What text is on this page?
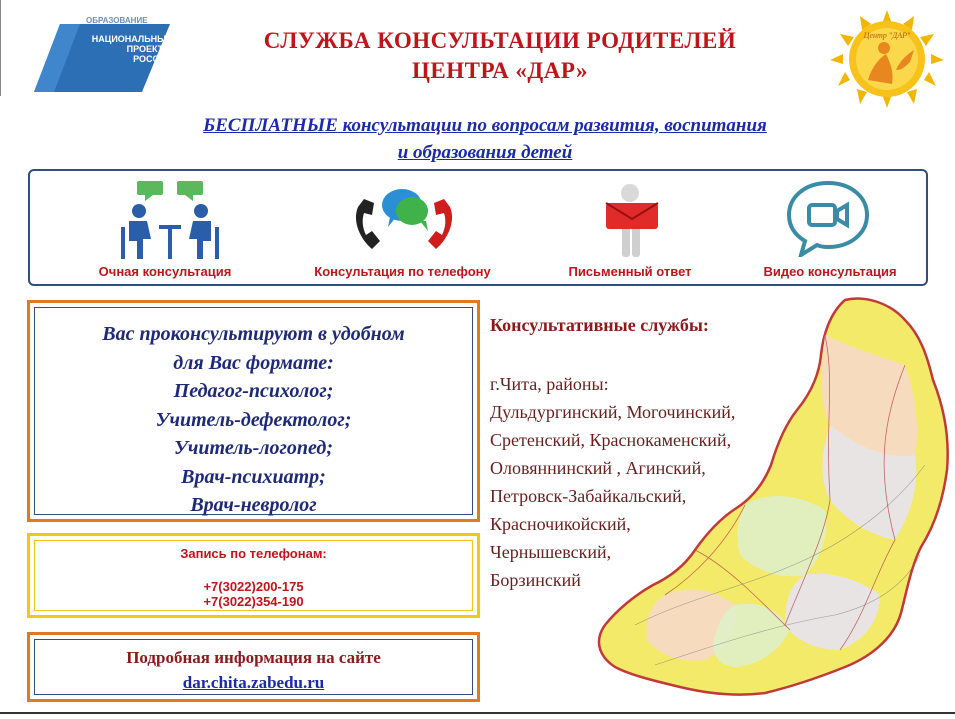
ОБРАЗОВАНИЕ
НАЦИОНАЛЬНЫЕ
ПРОЕКТЫ
РОССИИ
СЛУЖБА КОНСУЛЬТАЦИИ РОДИТЕЛЕЙ
ЦЕНТРА «ДАР»
Центр "ДАР"
БЕСПЛАТНЫЕ консультации по вопросам развития, воспитания
и образования детей
Очная консультация	Консультация по телефону	Письменный ответ	Видео консультация
Вас проконсультируют в удобном
для Вас формате:
Педагог-психолог;
Учитель-дефектолог;
Учитель-логопед;
Врач-психиатр;
Врач-невролог
Запись по телефонам:
+7(3022)200-175
+7(3022)354-190
Подробная информация на сайте
dar.chita.zabedu.ru
Консультативные службы:
г.Чита, районы:
Дульдургинский, Могочинский,
Сретенский, Краснокаменский,
Оловяннинский , Агинский,
Петровск-Забайкальский,
Красночикойский,
Чернышевский,
Борзинский
